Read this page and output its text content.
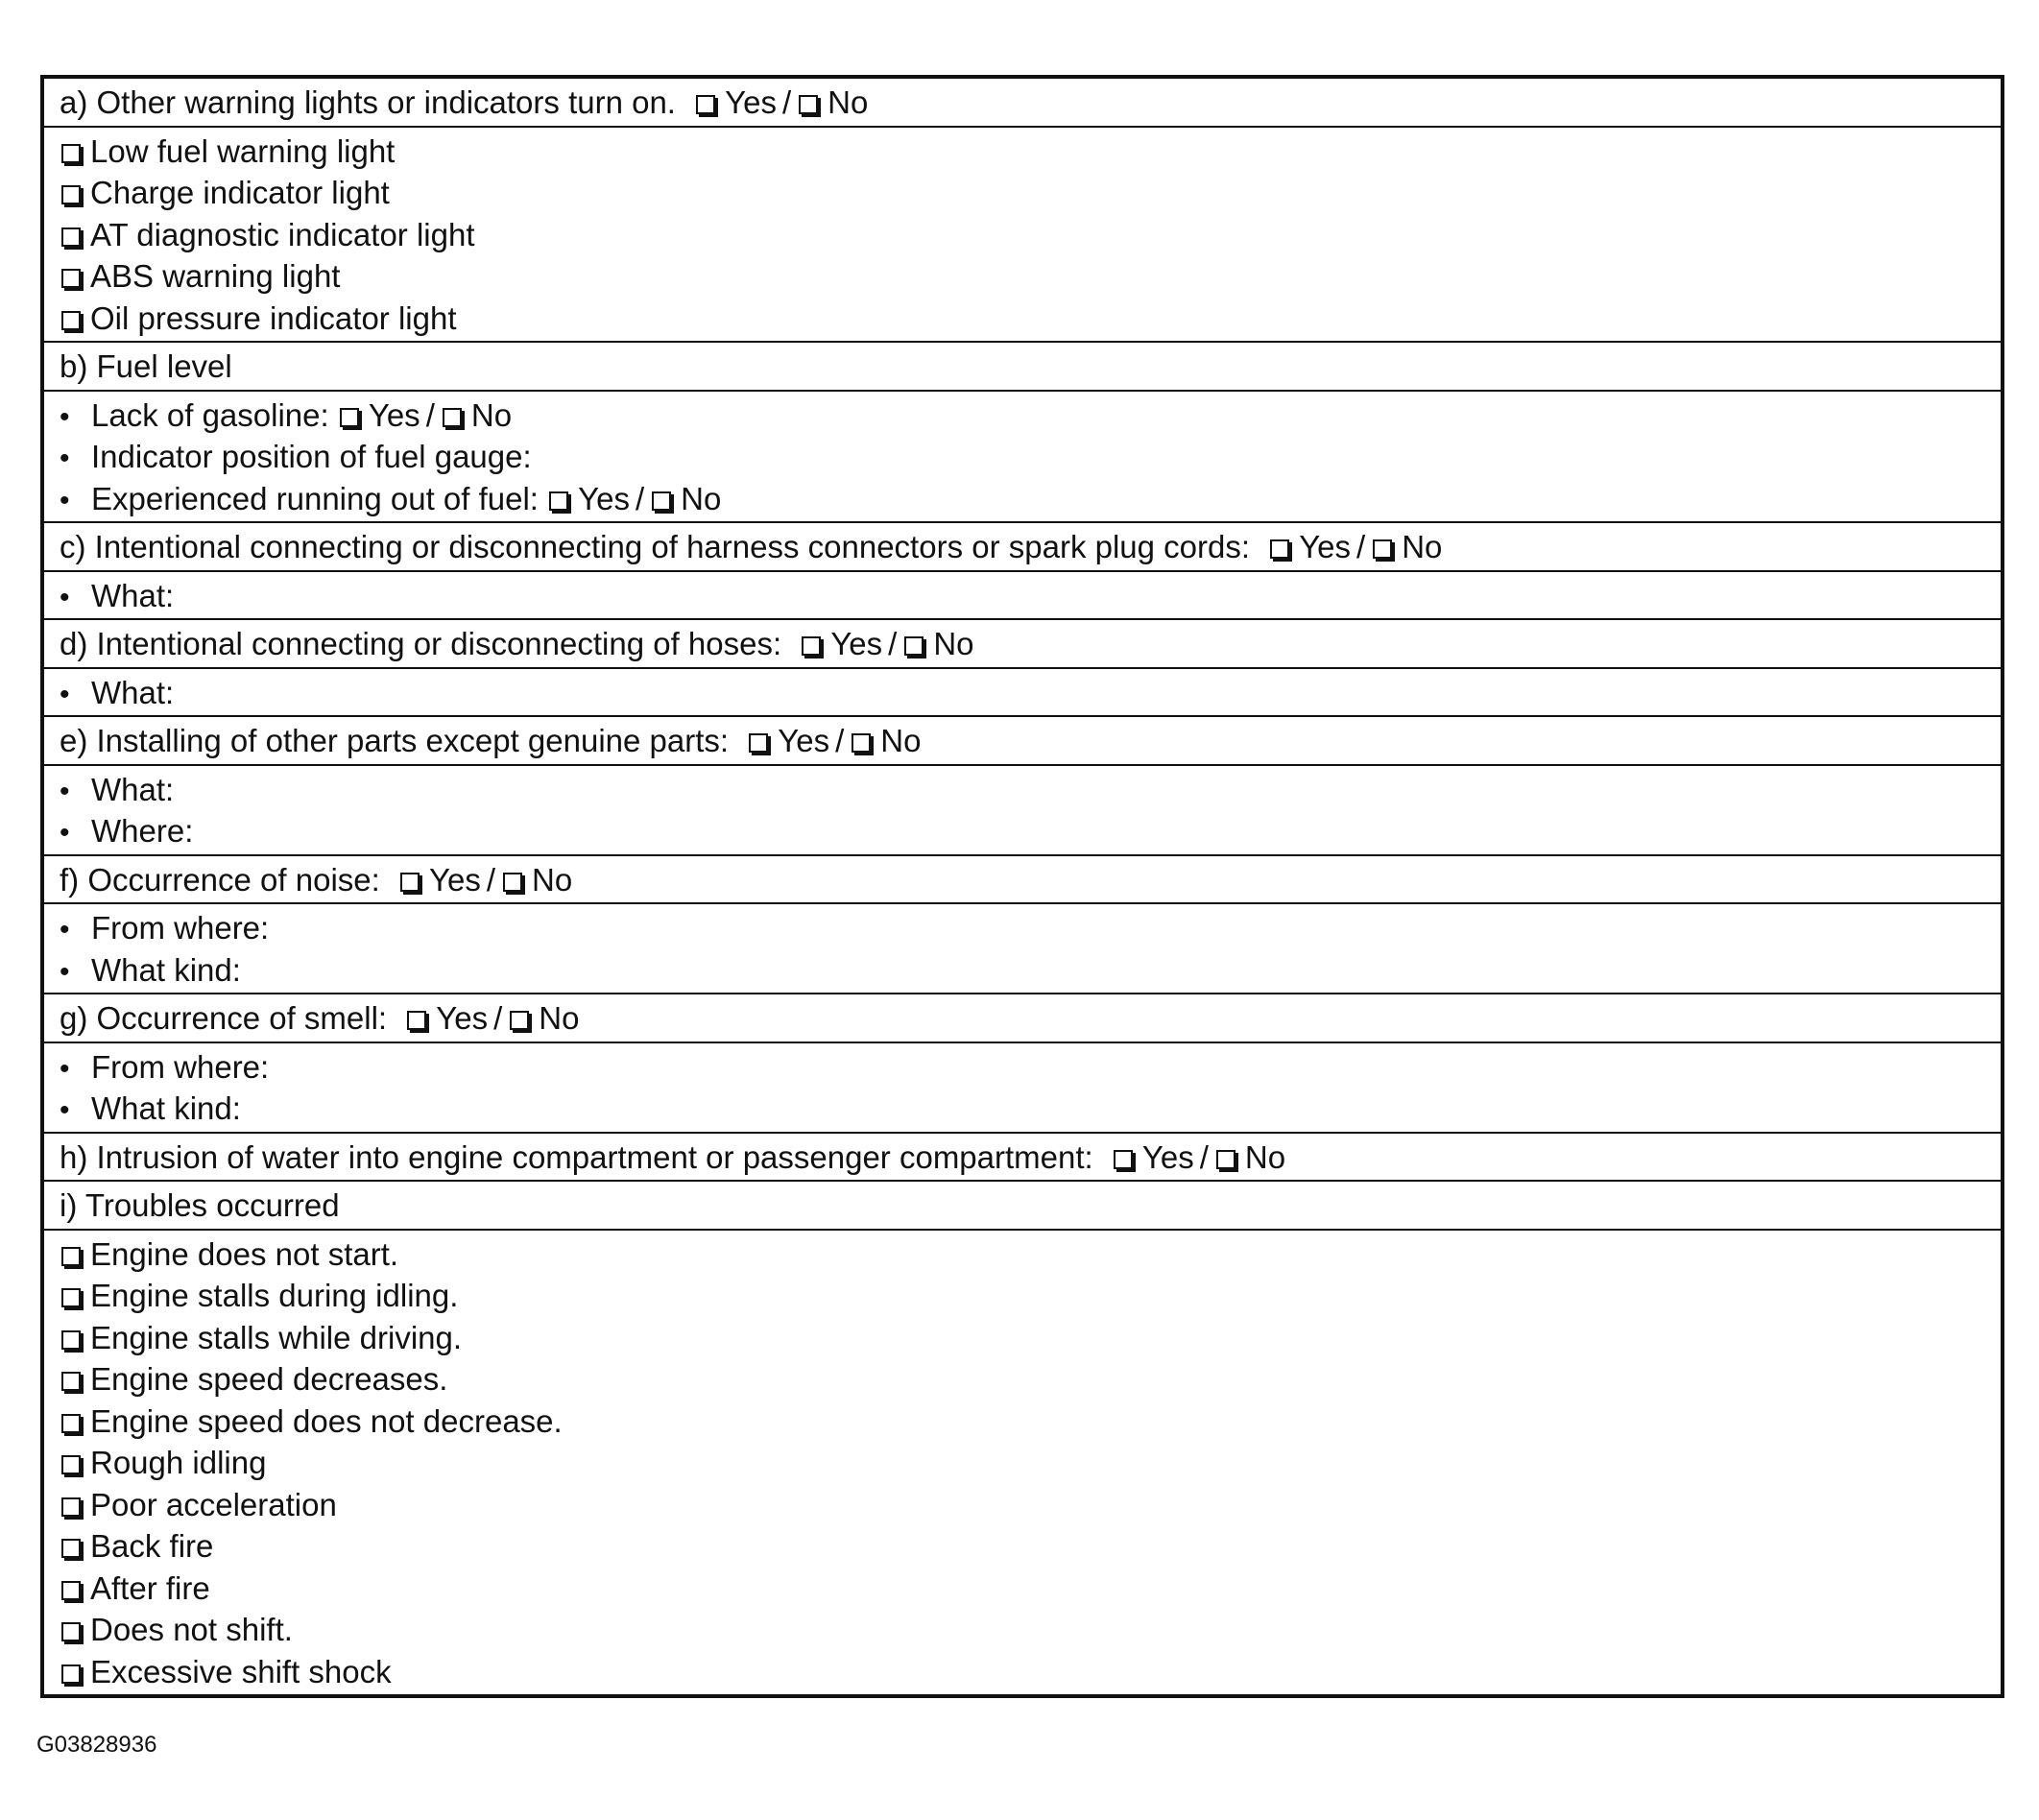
a) Other warning lights or indicators turn on. Yes / No
Low fuel warning light
Charge indicator light
AT diagnostic indicator light
ABS warning light
Oil pressure indicator light
b) Fuel level
• Lack of gasoline: Yes / No
• Indicator position of fuel gauge:
• Experienced running out of fuel: Yes / No
c) Intentional connecting or disconnecting of harness connectors or spark plug cords: Yes / No
• What:
d) Intentional connecting or disconnecting of hoses: Yes / No
• What:
e) Installing of other parts except genuine parts: Yes / No
• What:
• Where:
f) Occurrence of noise: Yes / No
• From where:
• What kind:
g) Occurrence of smell: Yes / No
• From where:
• What kind:
h) Intrusion of water into engine compartment or passenger compartment: Yes / No
i) Troubles occurred
Engine does not start.
Engine stalls during idling.
Engine stalls while driving.
Engine speed decreases.
Engine speed does not decrease.
Rough idling
Poor acceleration
Back fire
After fire
Does not shift.
Excessive shift shock
G03828936
